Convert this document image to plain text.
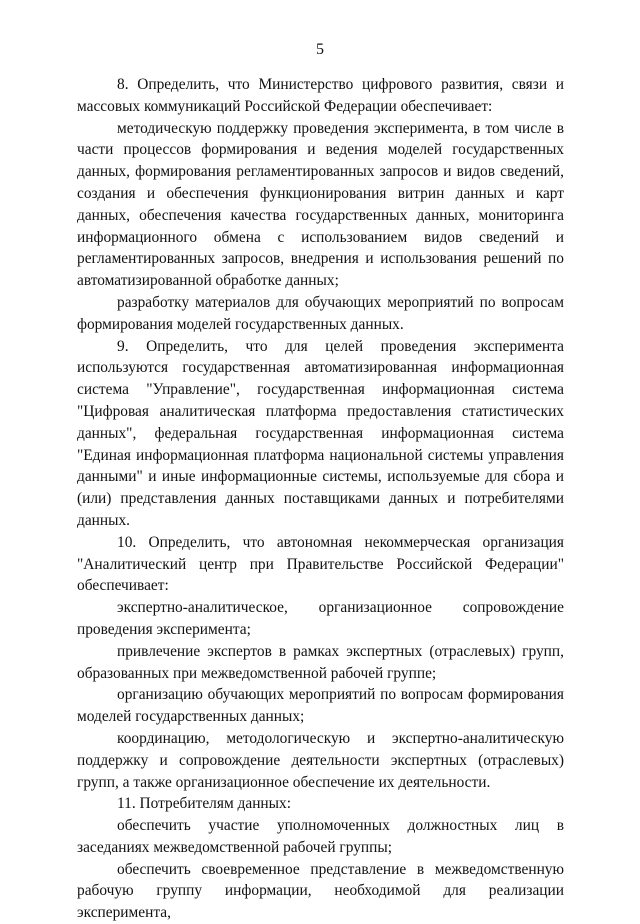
5

8. Определить, что Министерство цифрового развития, связи и массовых коммуникаций Российской Федерации обеспечивает:

методическую поддержку проведения эксперимента, в том числе в части процессов формирования и ведения моделей государственных данных, формирования регламентированных запросов и видов сведений, создания и обеспечения функционирования витрин данных и карт данных, обеспечения качества государственных данных, мониторинга информационного обмена с использованием видов сведений и регламентированных запросов, внедрения и использования решений по автоматизированной обработке данных;

разработку материалов для обучающих мероприятий по вопросам формирования моделей государственных данных.

9. Определить, что для целей проведения эксперимента используются государственная автоматизированная информационная система "Управление", государственная информационная система "Цифровая аналитическая платформа предоставления статистических данных", федеральная государственная информационная система "Единая информационная платформа национальной системы управления данными" и иные информационные системы, используемые для сбора и (или) представления данных поставщиками данных и потребителями данных.

10. Определить, что автономная некоммерческая организация "Аналитический центр при Правительстве Российской Федерации" обеспечивает:

экспертно-аналитическое, организационное сопровождение проведения эксперимента;

привлечение экспертов в рамках экспертных (отраслевых) групп, образованных при межведомственной рабочей группе;

организацию обучающих мероприятий по вопросам формирования моделей государственных данных;

координацию, методологическую и экспертно-аналитическую поддержку и сопровождение деятельности экспертных (отраслевых) групп, а также организационное обеспечение их деятельности.

11. Потребителям данных:

обеспечить участие уполномоченных должностных лиц в заседаниях межведомственной рабочей группы;

обеспечить своевременное представление в межведомственную рабочую группу информации, необходимой для реализации эксперимента,
